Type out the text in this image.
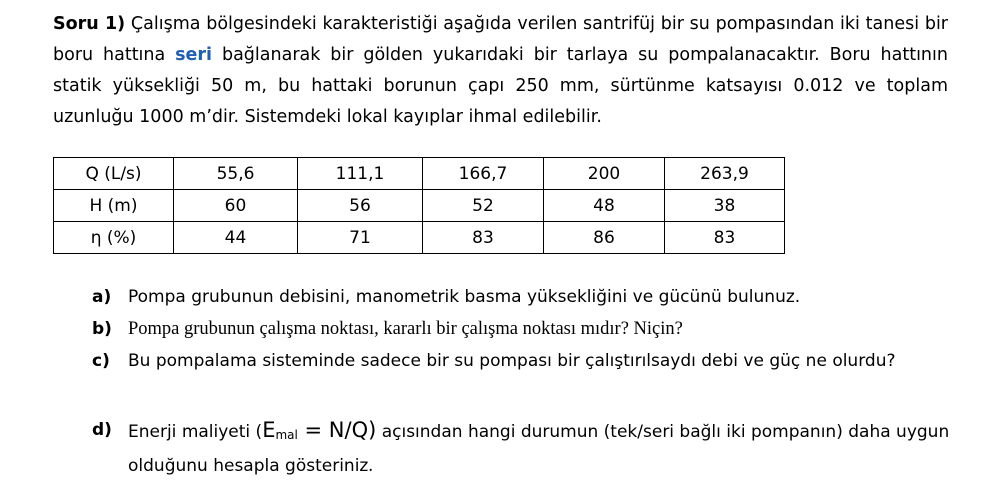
Soru 1) Çalışma bölgesindeki karakteristiği aşağıda verilen santrifüj bir su pompasından iki tanesi bir boru hattına seri bağlanarak bir gölden yukarıdaki bir tarlaya su pompalanacaktır. Boru hattının statik yüksekliği 50 m, bu hattaki borunun çapı 250 mm, sürtünme katsayısı 0.012 ve toplam uzunluğu 1000 m’dir. Sistemdeki lokal kayıplar ihmal edilebilir.
Q (L/s)	55,6	111,1	166,7	200	263,9
H (m)	60	56	52	48	38
η (%)	44	71	83	86	83
a) Pompa grubunun debisini, manometrik basma yüksekliğini ve gücünü bulunuz.
b) Pompa grubunun çalışma noktası, kararlı bir çalışma noktası mıdır? Niçin?
c)	Bu pompalama sisteminde sadece bir su pompası bir çalıştırılsaydı debi ve güç ne olurdu?
d) Enerji maliyeti $(E_{mal} = N/Q)$ açısından hangi durumun (tek/seri bağlı iki pompanın) daha uygun olduğunu hesapla gösteriniz.
